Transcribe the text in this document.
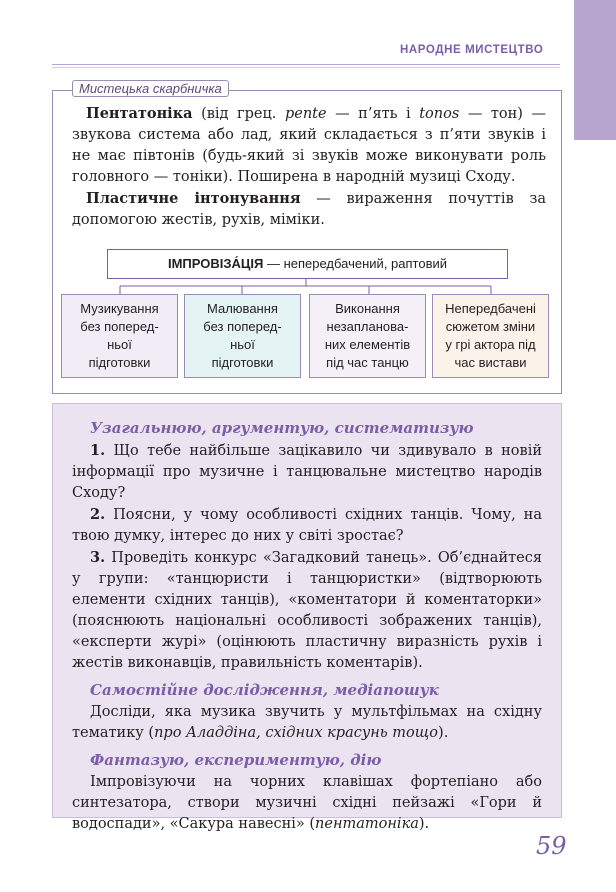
НАРОДНЕ МИСТЕЦТВО
Мистецька скарбничка

Пентатоніка (від грец. pente — п’ять і tonos — тон) — звукова система або лад, який складається з п’яти звуків і не має півтонів (будь-який зі звуків може виконувати роль головного — тоніки). Поширена в народній музиці Сходу.

Пластичне інтонування — вираження почуттів за допомогою жестів, рухів, міміки.

ІМПРОВІЗА́ЦІЯ — непередбачений, раптовий
Музикування
без поперед-
ньої
підготовки
Малювання
без поперед-
ньої
підготовки
Виконання
незапланова-
них елементів
під час танцю
Непередбачені
сюжетом зміни
у грі актора під
час вистави
Узагальнюю, аргументую, систематизую

1. Що тебе найбільше зацікавило чи здивувало в новій інформації про музичне і танцювальне мистецтво народів Сходу?

2. Поясни, у чому особливості східних танців. Чому, на твою думку, інтерес до них у світі зростає?

3. Проведіть конкурс «Загадковий танець». Об’єднайтеся у групи: «танцюристи і танцюристки» (відтворюють елементи східних танців), «коментатори й коментаторки» (пояснюють національні особливості зображених танців), «експерти журі» (оцінюють пластичну виразність рухів і жестів виконавців, правильність коментарів).

Самостійне дослідження, медіапошук

Досліди, яка музика звучить у мультфільмах на східну тематику (про Аладдіна, східних красунь тощо).

Фантазую, експериментую, дію

Імпровізуючи на чорних клавішах фортепіано або синтезатора, створи музичні східні пейзажі «Гори й водоспади», «Сакура навесні» (пентатоніка).

59
